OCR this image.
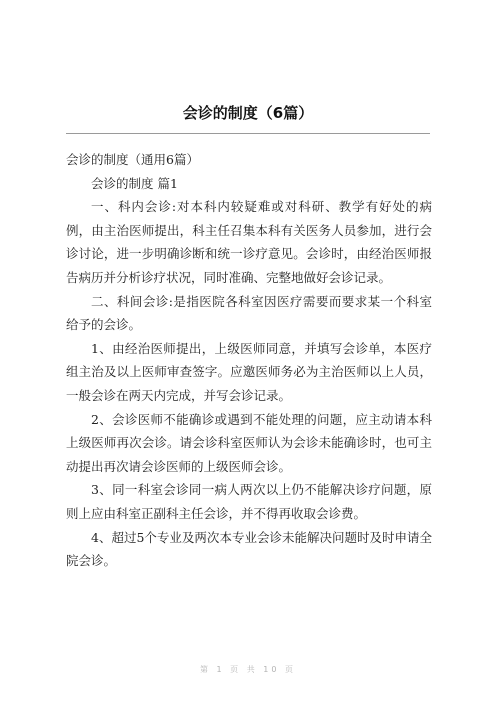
会诊的制度（6篇）

会诊的制度（通用6篇）

会诊的制度 篇1

一、科内会诊:对本科内较疑难或对科研、教学有好处的病例，由主治医师提出，科主任召集本科有关医务人员参加，进行会诊讨论，进一步明确诊断和统一诊疗意见。会诊时，由经治医师报告病历并分析诊疗状况，同时准确、完整地做好会诊记录。

二、科间会诊:是指医院各科室因医疗需要而要求某一个科室给予的会诊。

1、由经治医师提出，上级医师同意，并填写会诊单，本医疗组主治及以上医师审查签字。应邀医师务必为主治医师以上人员，一般会诊在两天内完成，并写会诊记录。

2、会诊医师不能确诊或遇到不能处理的问题，应主动请本科上级医师再次会诊。请会诊科室医师认为会诊未能确诊时，也可主动提出再次请会诊医师的上级医师会诊。

3、同一科室会诊同一病人两次以上仍不能解决诊疗问题，原则上应由科室正副科主任会诊，并不得再收取会诊费。

4、超过5个专业及两次本专业会诊未能解决问题时及时申请全院会诊。

第 1 页 共 10 页
